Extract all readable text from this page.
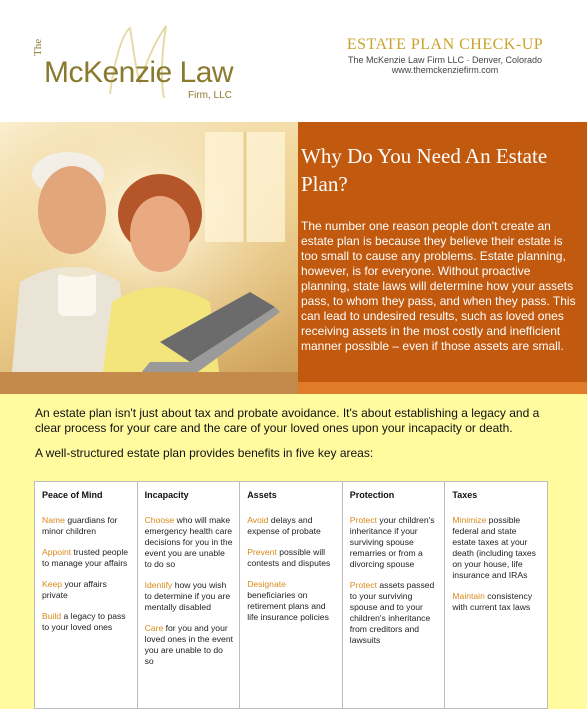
The
McKenzie Law
Firm, LLC
ESTATE PLAN CHECK-UP
The McKenzie Law Firm LLC · Denver, Colorado
www.themckenziefirm.com
Why Do You Need An Estate Plan?

The number one reason people don't create an estate plan is because they believe their estate is too small to cause any problems. Estate planning, however, is for everyone. Without proactive planning, state laws will determine how your assets pass, to whom they pass, and when they pass. This can lead to undesired results, such as loved ones receiving assets in the most costly and inefficient manner possible – even if those assets are small.

An estate plan isn't just about tax and probate avoidance. It's about establishing a legacy and a clear process for your care and the care of your loved ones upon your incapacity or death.

A well-structured estate plan provides benefits in five key areas:

Peace of Mind
Name guardians for minor children
Appoint trusted people to manage your affairs
Keep your affairs private
Build a legacy to pass to your loved ones
Incapacity
Choose who will make emergency health care decisions for you in the event you are unable to do so
Identify how you wish to determine if you are mentally disabled
Care for you and your loved ones in the event you are unable to do so
Assets
Avoid delays and expense of probate
Prevent possible will contests and disputes
Designate beneficiaries on retirement plans and life insurance policies
Protection
Protect your children's inheritance if your surviving spouse remarries or from a divorcing spouse
Protect assets passed to your surviving spouse and to your children's inheritance from creditors and lawsuits
Taxes
Minimize possible federal and state estate taxes at your death (including taxes on your house, life insurance and IRAs
Maintain consistency with current tax laws
